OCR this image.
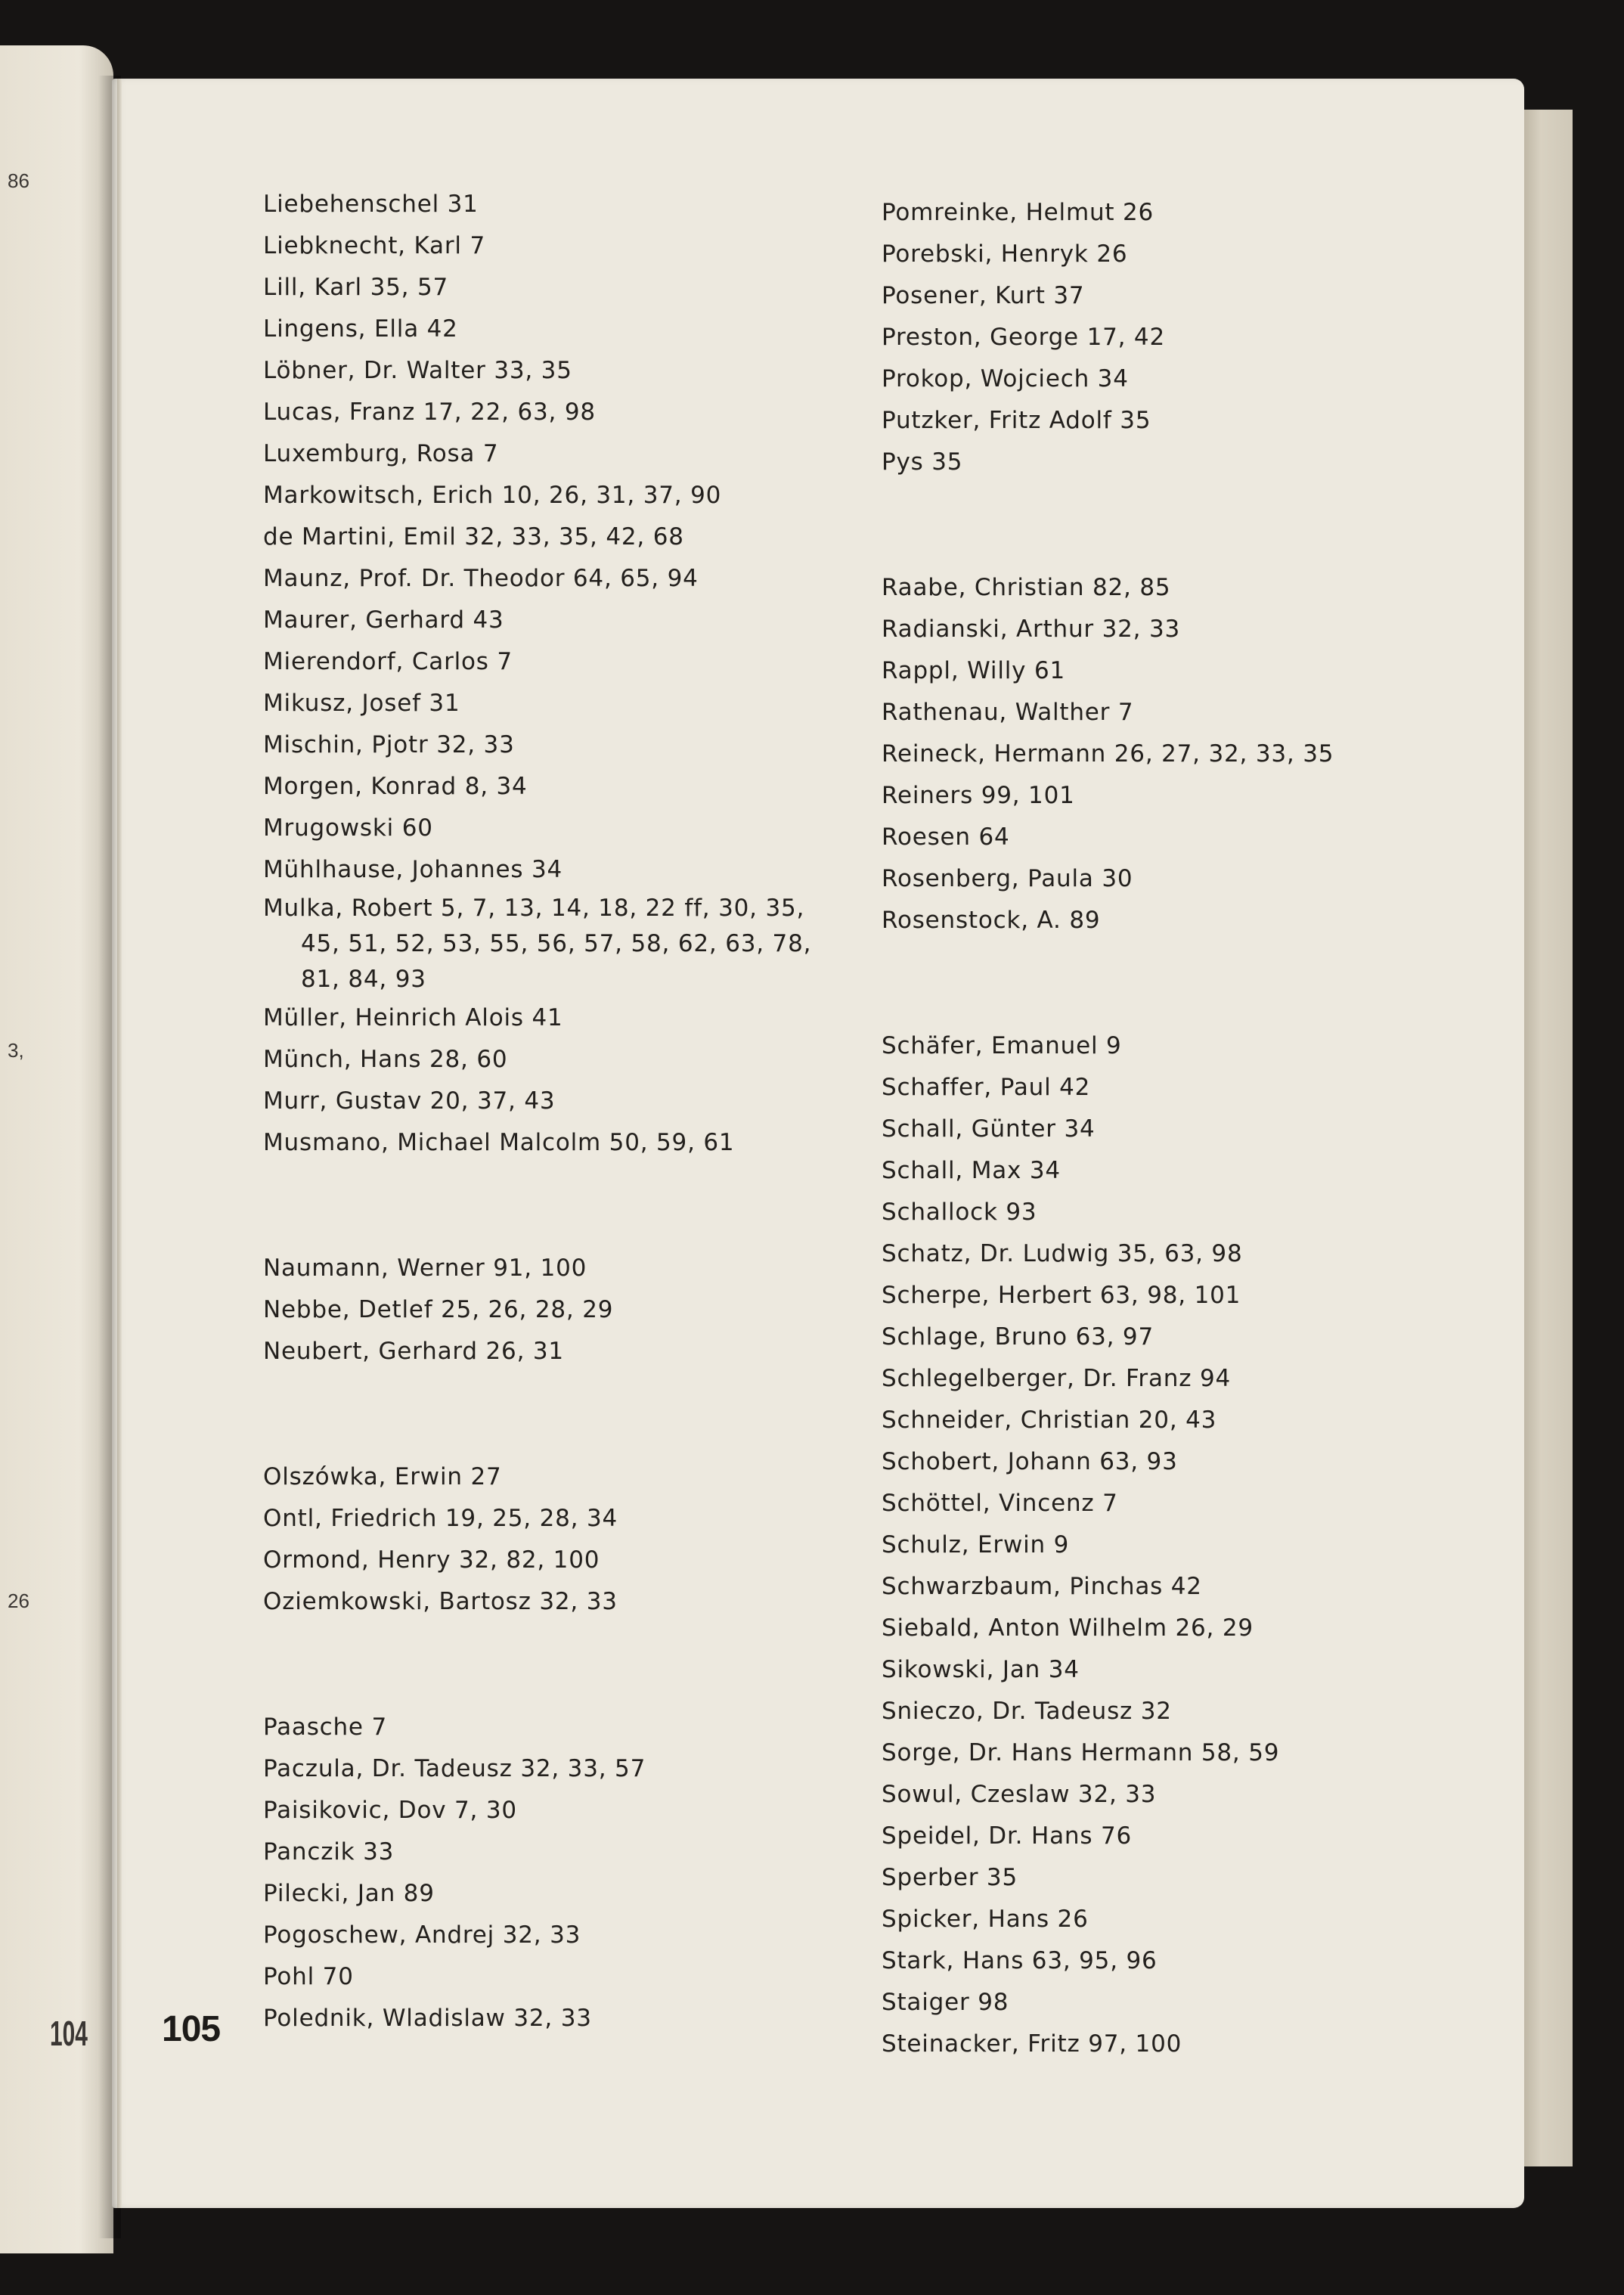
86
3,
26
104 105
Liebehenschel 31
Liebknecht, Karl 7
Lill, Karl 35, 57
Lingens, Ella 42
Löbner, Dr. Walter 33, 35
Lucas, Franz 17, 22, 63, 98
Luxemburg, Rosa 7
Markowitsch, Erich 10, 26, 31, 37, 90
de Martini, Emil 32, 33, 35, 42, 68
Maunz, Prof. Dr. Theodor 64, 65, 94
Maurer, Gerhard 43
Mierendorf, Carlos 7
Mikusz, Josef 31
Mischin, Pjotr 32, 33
Morgen, Konrad 8, 34
Mrugowski 60
Mühlhause, Johannes 34
Mulka, Robert 5, 7, 13, 14, 18, 22 ff, 30, 35,
45, 51, 52, 53, 55, 56, 57, 58, 62, 63, 78,
81, 84, 93
Müller, Heinrich Alois 41
Münch, Hans 28, 60
Murr, Gustav 20, 37, 43
Musmano, Michael Malcolm 50, 59, 61
Naumann, Werner 91, 100
Nebbe, Detlef 25, 26, 28, 29
Neubert, Gerhard 26, 31
Olszówka, Erwin 27
Ontl, Friedrich 19, 25, 28, 34
Ormond, Henry 32, 82, 100
Oziemkowski, Bartosz 32, 33
Paasche 7
Paczula, Dr. Tadeusz 32, 33, 57
Paisikovic, Dov 7, 30
Panczik 33
Pilecki, Jan 89
Pogoschew, Andrej 32, 33
Pohl 70
Polednik, Wladislaw 32, 33
Pomreinke, Helmut 26
Porebski, Henryk 26
Posener, Kurt 37
Preston, George 17, 42
Prokop, Wojciech 34
Putzker, Fritz Adolf 35
Pys 35
Raabe, Christian 82, 85
Radianski, Arthur 32, 33
Rappl, Willy 61
Rathenau, Walther 7
Reineck, Hermann 26, 27, 32, 33, 35
Reiners 99, 101
Roesen 64
Rosenberg, Paula 30
Rosenstock, A. 89
Schäfer, Emanuel 9
Schaffer, Paul 42
Schall, Günter 34
Schall, Max 34
Schallock 93
Schatz, Dr. Ludwig 35, 63, 98
Scherpe, Herbert 63, 98, 101
Schlage, Bruno 63, 97
Schlegelberger, Dr. Franz 94
Schneider, Christian 20, 43
Schobert, Johann 63, 93
Schöttel, Vincenz 7
Schulz, Erwin 9
Schwarzbaum, Pinchas 42
Siebald, Anton Wilhelm 26, 29
Sikowski, Jan 34
Snieczo, Dr. Tadeusz 32
Sorge, Dr. Hans Hermann 58, 59
Sowul, Czeslaw 32, 33
Speidel, Dr. Hans 76
Sperber 35
Spicker, Hans 26
Stark, Hans 63, 95, 96
Staiger 98
Steinacker, Fritz 97, 100
